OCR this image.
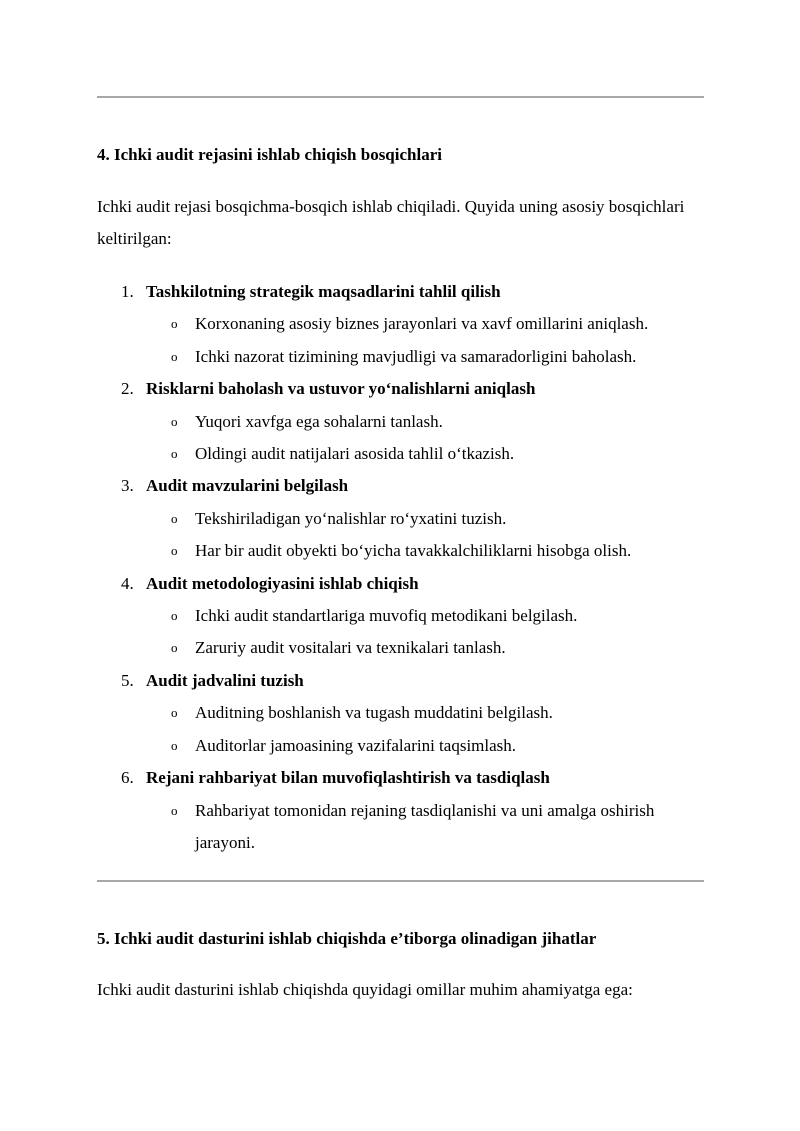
4. Ichki audit rejasini ishlab chiqish bosqichlari
Ichki audit rejasi bosqichma-bosqich ishlab chiqiladi. Quyida uning asosiy bosqichlari keltirilgan:
1. Tashkilotning strategik maqsadlarini tahlil qilish
o Korxonaning asosiy biznes jarayonlari va xavf omillarini aniqlash.
o Ichki nazorat tizimining mavjudligi va samaradorligini baholash.
2. Risklarni baholash va ustuvor yo‘nalishlarni aniqlash
o Yuqori xavfga ega sohalarni tanlash.
o Oldingi audit natijalari asosida tahlil o‘tkazish.
3. Audit mavzularini belgilash
o Tekshiriladigan yo‘nalishlar ro‘yxatini tuzish.
o Har bir audit obyekti bo‘yicha tavakkalchiliklarni hisobga olish.
4. Audit metodologiyasini ishlab chiqish
o Ichki audit standartlariga muvofiq metodikani belgilash.
o Zaruriy audit vositalari va texnikalari tanlash.
5. Audit jadvalini tuzish
o Auditning boshlanish va tugash muddatini belgilash.
o Auditorlar jamoasining vazifalarini taqsimlash.
6. Rejani rahbariyat bilan muvofiqlashtirish va tasdiqlash
o Rahbariyat tomonidan rejaning tasdiqlanishi va uni amalga oshirish jarayoni.
5. Ichki audit dasturini ishlab chiqishda e’tiborga olinadigan jihatlar
Ichki audit dasturini ishlab chiqishda quyidagi omillar muhim ahamiyatga ega:
